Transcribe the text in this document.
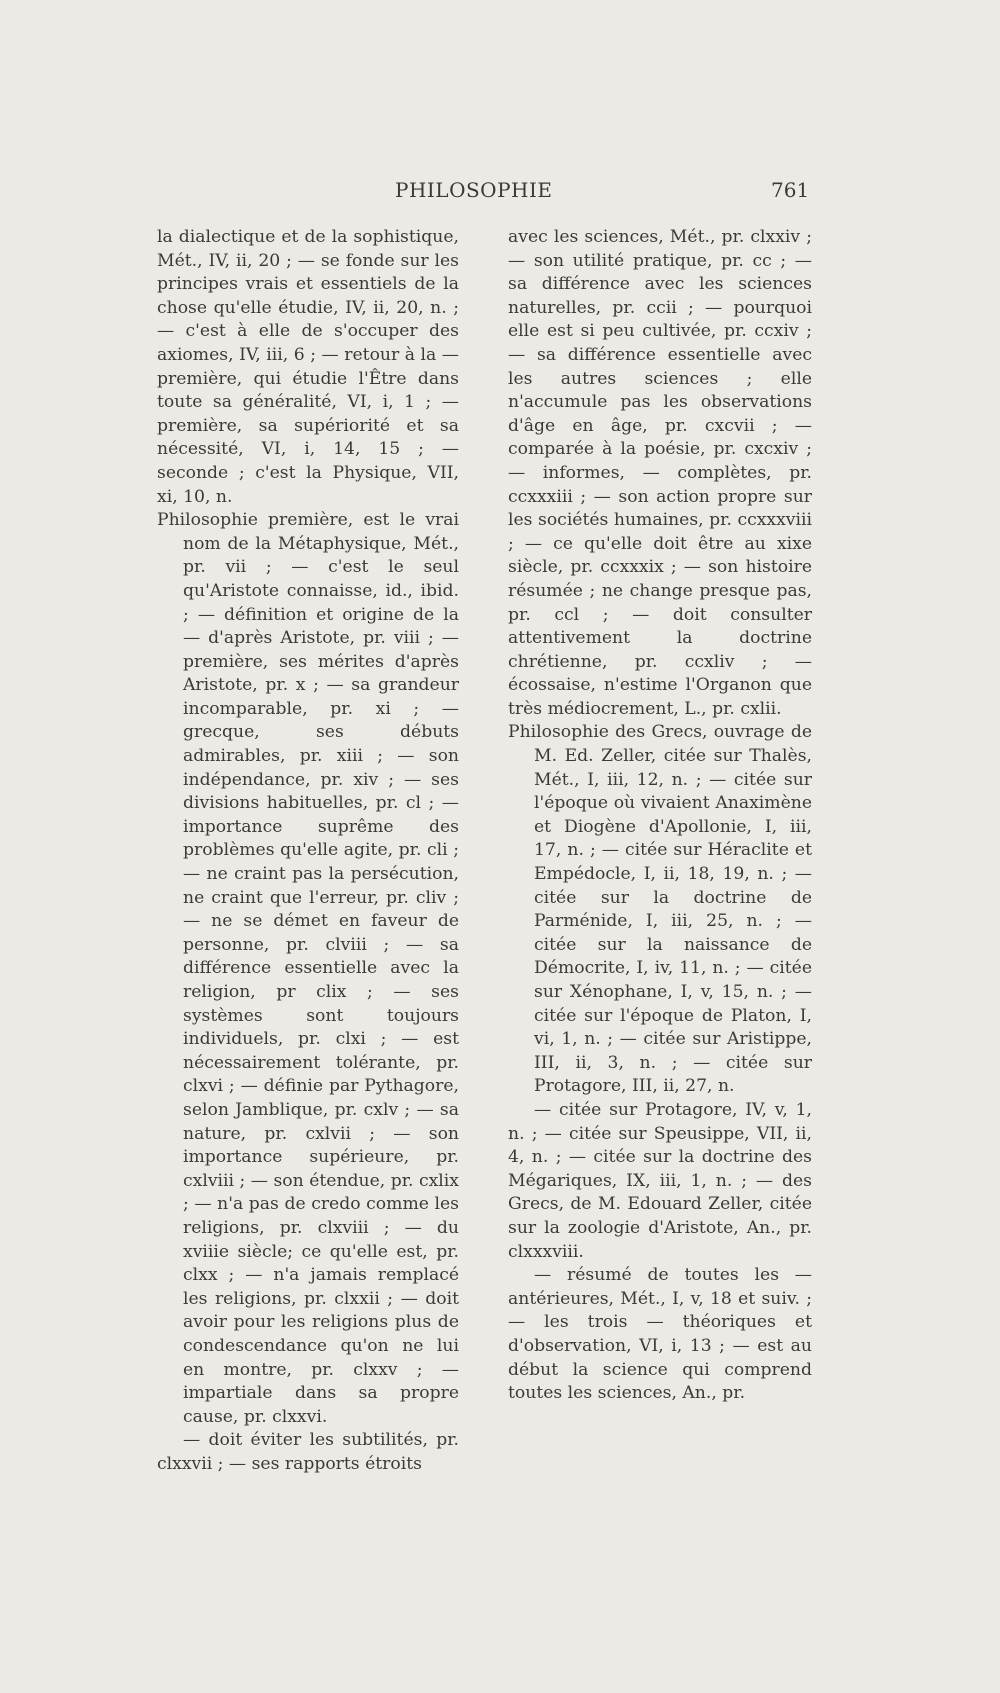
PHILOSOPHIE	761

la dialectique et de la sophistique, Mét., IV, ii, 20 ; — se fonde sur les principes vrais et essentiels de la chose qu'elle étudie, IV, ii, 20, n. ; — c'est à elle de s'occuper des axiomes, IV, iii, 6 ; — retour à la — première, qui étudie l'Être dans toute sa généralité, VI, i, 1 ; — première, sa supériorité et sa nécessité, VI, i, 14, 15 ; — seconde ; c'est la Physique, VII, xi, 10, n.

Philosophie première, est le vrai nom de la Métaphysique, Mét., pr. vii ; — c'est le seul qu'Aristote connaisse, id., ibid. ; — définition et origine de la — d'après Aristote, pr. viii ; — première, ses mérites d'après Aristote, pr. x ; — sa grandeur incomparable, pr. xi ; — grecque, ses débuts admirables, pr. xiii ; — son indépendance, pr. xiv ; — ses divisions habituelles, pr. cl ; — importance suprême des problèmes qu'elle agite, pr. cli ; — ne craint pas la persécution, ne craint que l'erreur, pr. cliv ; — ne se démet en faveur de personne, pr. clviii ; — sa différence essentielle avec la religion, pr clix ; — ses systèmes sont toujours individuels, pr. clxi ; — est nécessairement tolérante, pr. clxvi ; — définie par Pythagore, selon Jamblique, pr. cxlv ; — sa nature, pr. cxlvii ; — son importance supérieure, pr. cxlviii ; — son étendue, pr. cxlix ; — n'a pas de credo comme les religions, pr. clxviii ; — du xviiie siècle; ce qu'elle est, pr. clxx ; — n'a jamais remplacé les religions, pr. clxxii ; — doit avoir pour les religions plus de condescendance qu'on ne lui en montre, pr. clxxv ; — impartiale dans sa propre cause, pr. clxxvi.

— doit éviter les subtilités, pr. clxxvii ; — ses rapports étroits

avec les sciences, Mét., pr. clxxiv ; — son utilité pratique, pr. cc ; — sa différence avec les sciences naturelles, pr. ccii ; — pourquoi elle est si peu cultivée, pr. ccxiv ; — sa différence essentielle avec les autres sciences ; elle n'accumule pas les observations d'âge en âge, pr. cxcvii ; — comparée à la poésie, pr. cxcxiv ; — informes, — complètes, pr. ccxxxiii ; — son action propre sur les sociétés humaines, pr. ccxxxviii ; — ce qu'elle doit être au xixe siècle, pr. ccxxxix ; — son histoire résumée ; ne change presque pas, pr. ccl ; — doit consulter attentivement la doctrine chrétienne, pr. ccxliv ; — écossaise, n'estime l'Organon que très médiocrement, L., pr. cxlii.

Philosophie des Grecs, ouvrage de M. Ed. Zeller, citée sur Thalès, Mét., I, iii, 12, n. ; — citée sur l'époque où vivaient Anaximène et Diogène d'Apollonie, I, iii, 17, n. ; — citée sur Héraclite et Empédocle, I, ii, 18, 19, n. ; — citée sur la doctrine de Parménide, I, iii, 25, n. ; — citée sur la naissance de Démocrite, I, iv, 11, n. ; — citée sur Xénophane, I, v, 15, n. ; — citée sur l'époque de Platon, I, vi, 1, n. ; — citée sur Aristippe, III, ii, 3, n. ; — citée sur Protagore, III, ii, 27, n.

— citée sur Protagore, IV, v, 1, n. ; — citée sur Speusippe, VII, ii, 4, n. ; — citée sur la doctrine des Mégariques, IX, iii, 1, n. ; — des Grecs, de M. Edouard Zeller, citée sur la zoologie d'Aristote, An., pr. clxxxviii.

— résumé de toutes les — antérieures, Mét., I, v, 18 et suiv. ; — les trois — théoriques et d'observation, VI, i, 13 ; — est au début la science qui comprend toutes les sciences, An., pr.
